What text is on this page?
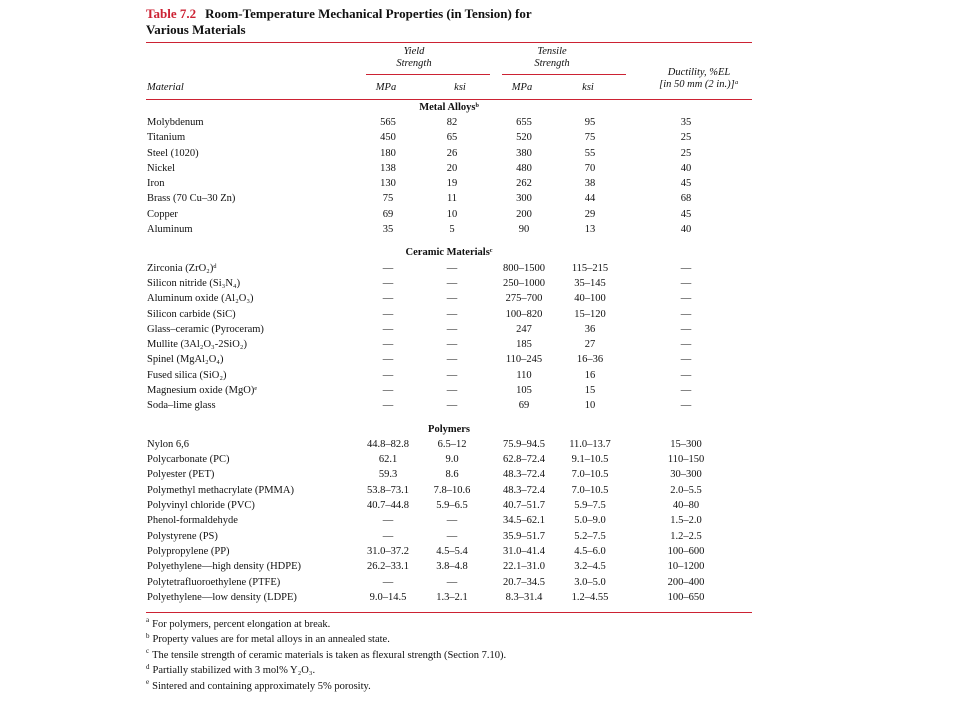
Table 7.2 Room-Temperature Mechanical Properties (in Tension) for
Various Materials
Yield
Strength
Tensile
Strength
Ductility, %EL
[in 50 mm (2 in.)]ᵃ
Material	MPa	ksi	MPa	ksi
Metal Alloysᵇ					
Molybdenum	565	82	655	95	35
Titanium	450	65	520	75	25
Steel (1020)	180	26	380	55	25
Nickel	138	20	480	70	40
Iron	130	19	262	38	45
Brass (70 Cu–30 Zn)	75	11	300	44	68
Copper	69	10	200	29	45
Aluminum	35	5	90	13	40

Ceramic Materialsᶜ					
Zirconia (ZrO₂)ᵈ	—	—	800–1500	115–215	—
Silicon nitride (Si₃N₄)	—	—	250–1000	35–145	—
Aluminum oxide (Al₂O₃)	—	—	275–700	40–100	—
Silicon carbide (SiC)	—	—	100–820	15–120	—
Glass–ceramic (Pyroceram)	—	—	247	36	—
Mullite (3Al₂O₃-2SiO₂)	—	—	185	27	—
Spinel (MgAl₂O₄)	—	—	110–245	16–36	—
Fused silica (SiO₂)	—	—	110	16	—
Magnesium oxide (MgO)ᵉ	—	—	105	15	—
Soda–lime glass	—	—	69	10	—

Polymers					
Nylon 6,6	44.8–82.8	6.5–12	75.9–94.5	11.0–13.7	15–300
Polycarbonate (PC)	62.1	9.0	62.8–72.4	9.1–10.5	110–150
Polyester (PET)	59.3	8.6	48.3–72.4	7.0–10.5	30–300
Polymethyl methacrylate (PMMA)	53.8–73.1	7.8–10.6	48.3–72.4	7.0–10.5	2.0–5.5
Polyvinyl chloride (PVC)	40.7–44.8	5.9–6.5	40.7–51.7	5.9–7.5	40–80
Phenol-formaldehyde	—	—	34.5–62.1	5.0–9.0	1.5–2.0
Polystyrene (PS)	—	—	35.9–51.7	5.2–7.5	1.2–2.5
Polypropylene (PP)	31.0–37.2	4.5–5.4	31.0–41.4	4.5–6.0	100–600
Polyethylene—high density (HDPE)	26.2–33.1	3.8–4.8	22.1–31.0	3.2–4.5	10–1200
Polytetrafluoroethylene (PTFE)	—	—	20.7–34.5	3.0–5.0	200–400
Polyethylene—low density (LDPE)	9.0–14.5	1.3–2.1	8.3–31.4	1.2–4.55	100–650
$^a$ For polymers, percent elongation at break.
$^b$ Property values are for metal alloys in an annealed state.
$^c$ The tensile strength of ceramic materials is taken as flexural strength (Section 7.10).
$^d$ Partially stabilized with 3 mol% Y₂O₃.
$^e$ Sintered and containing approximately 5% porosity.
